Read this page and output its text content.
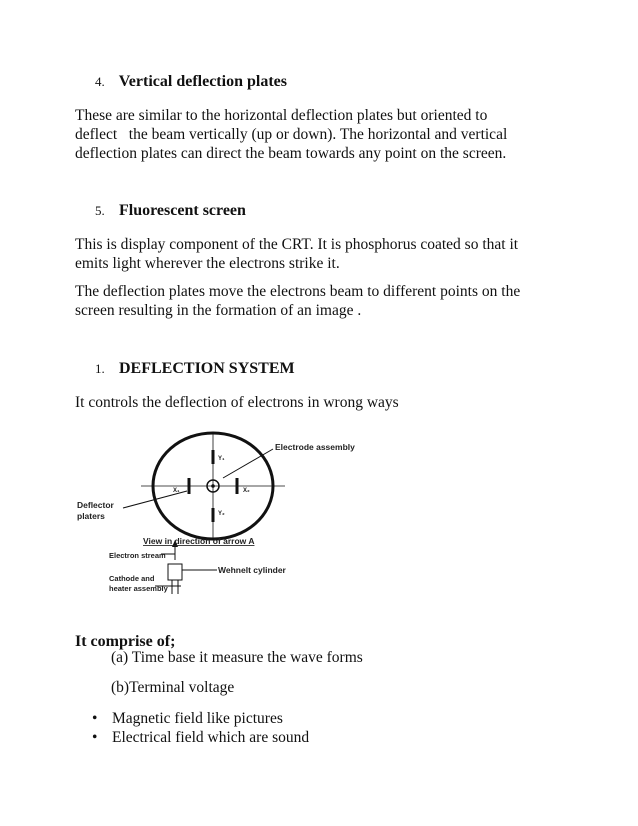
4. Vertical deflection plates
These are similar to the horizontal deflection plates but oriented to
deflect   the beam vertically (up or down). The horizontal and vertical
deflection plates can direct the beam towards any point on the screen.
5. Fluorescent screen
This is display component of the CRT. It is phosphorus coated so that it
emits light wherever the electrons strike it.
The deflection plates move the electrons beam to different points on the
screen resulting in the formation of an image .
1. DEFLECTION SYSTEM
It controls the deflection of electrons in wrong ways
Electrode assembly
Deflector
platers
Y₁
Y₂
X₁	X₂
View in direction of arrow A
Electron stream
Wehnelt cylinder
Cathode and
heater assembly
It comprise of;
(a) Time base it measure the wave forms
(b)Terminal voltage
• Magnetic field like pictures
• Electrical field which are sound
